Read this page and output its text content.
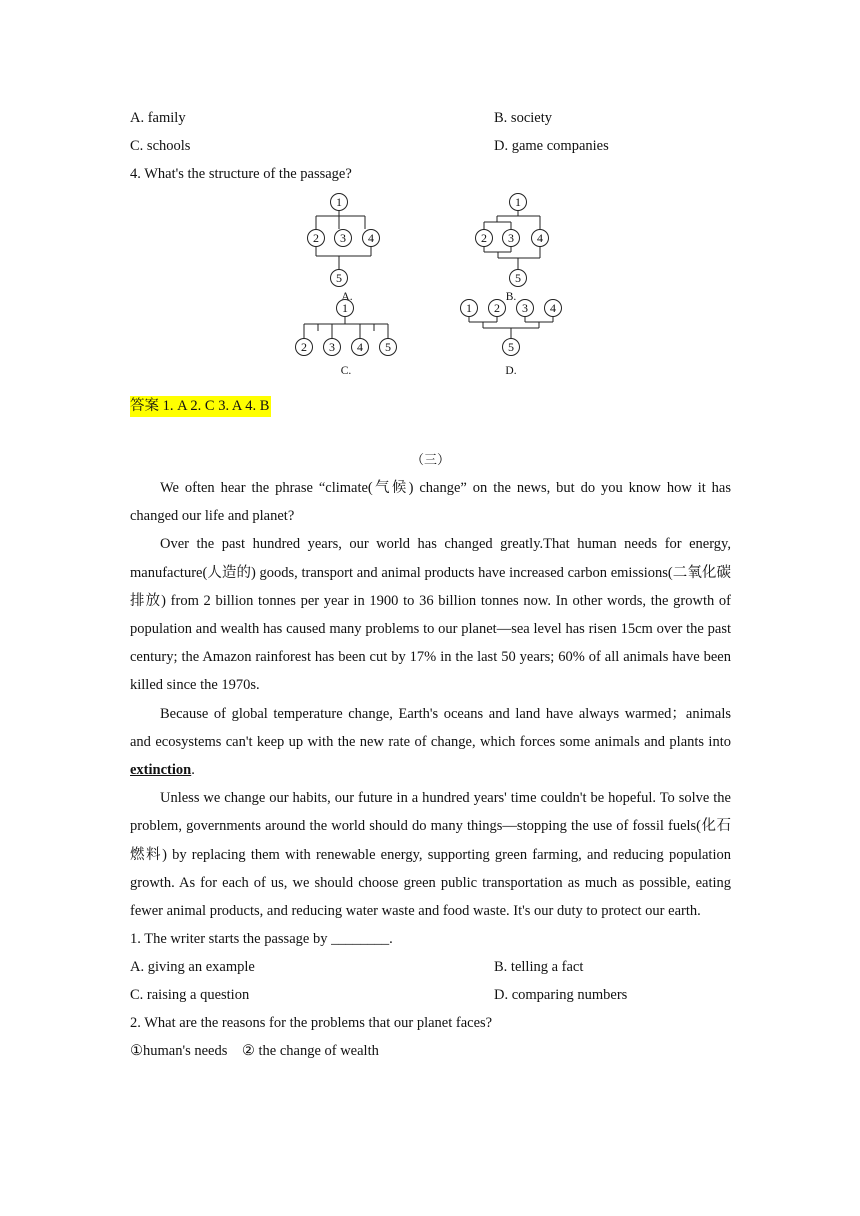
A. family	B. society
C. schools	D. game companies
4. What's the structure of the passage?
1
2 3 4
5
A.
1
2 3 4
5
B.
1
2 3 4 5
C.
1 2 3 4
5
D.
答案 1. A 2. C 3. A 4. B
（三）

We often hear the phrase “climate(气候) change” on the news, but do you know how it has changed our life and planet?

Over the past hundred years, our world has changed greatly.That human needs for energy, manufacture(人造的) goods, transport and animal products have increased carbon emissions(二氧化碳排放) from 2 billion tonnes per year in 1900 to 36 billion tonnes now. In other words, the growth of population and wealth has caused many problems to our planet—sea level has risen 15cm over the past century; the Amazon rainforest has been cut by 17% in the last 50 years; 60% of all animals have been killed since the 1970s.

Because of global temperature change, Earth's oceans and land have always warmed；animals and ecosystems can't keep up with the new rate of change, which forces some animals and plants into extinction.

Unless we change our habits, our future in a hundred years' time couldn't be hopeful. To solve the problem, governments around the world should do many things—stopping the use of fossil fuels(化石燃料) by replacing them with renewable energy, supporting green farming, and reducing population growth. As for each of us, we should choose green public transportation as much as possible, eating fewer animal products, and reducing water waste and food waste. It's our duty to protect our earth.

1. The writer starts the passage by ________.
A. giving an example	B. telling a fact
C. raising a question	D. comparing numbers
2. What are the reasons for the problems that our planet faces?
①human's needs    ② the change of wealth
